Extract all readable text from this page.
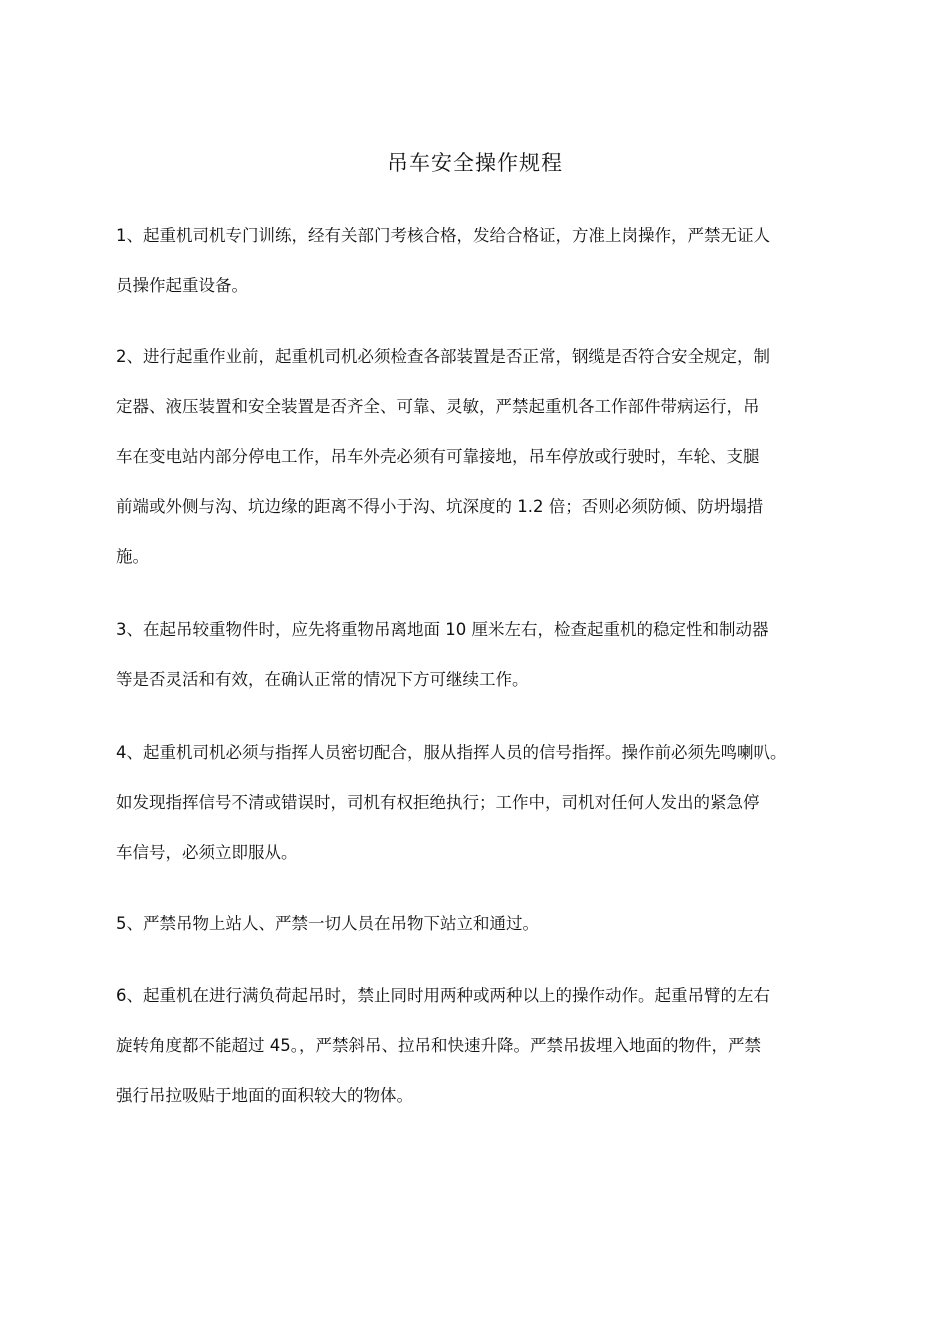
吊车安全操作规程
1、起重机司机专门训练，经有关部门考核合格，发给合格证，方准上岗操作，严禁无证人
员操作起重设备。
2、进行起重作业前，起重机司机必须检查各部装置是否正常，钢缆是否符合安全规定，制
定器、液压装置和安全装置是否齐全、可靠、灵敏，严禁起重机各工作部件带病运行，吊
车在变电站内部分停电工作，吊车外壳必须有可靠接地，吊车停放或行驶时，车轮、支腿
前端或外侧与沟、坑边缘的距离不得小于沟、坑深度的 1.2 倍；否则必须防倾、防坍塌措
施。
3、在起吊较重物件时，应先将重物吊离地面 10 厘米左右，检查起重机的稳定性和制动器
等是否灵活和有效，在确认正常的情况下方可继续工作。
4、起重机司机必须与指挥人员密切配合，服从指挥人员的信号指挥。操作前必须先鸣喇叭。
如发现指挥信号不清或错误时，司机有权拒绝执行；工作中，司机对任何人发出的紧急停
车信号，必须立即服从。
5、严禁吊物上站人、严禁一切人员在吊物下站立和通过。
6、起重机在进行满负荷起吊时，禁止同时用两种或两种以上的操作动作。起重吊臂的左右
旋转角度都不能超过 45。，严禁斜吊、拉吊和快速升降。严禁吊拔埋入地面的物件，严禁
强行吊拉吸贴于地面的面积较大的物体。
